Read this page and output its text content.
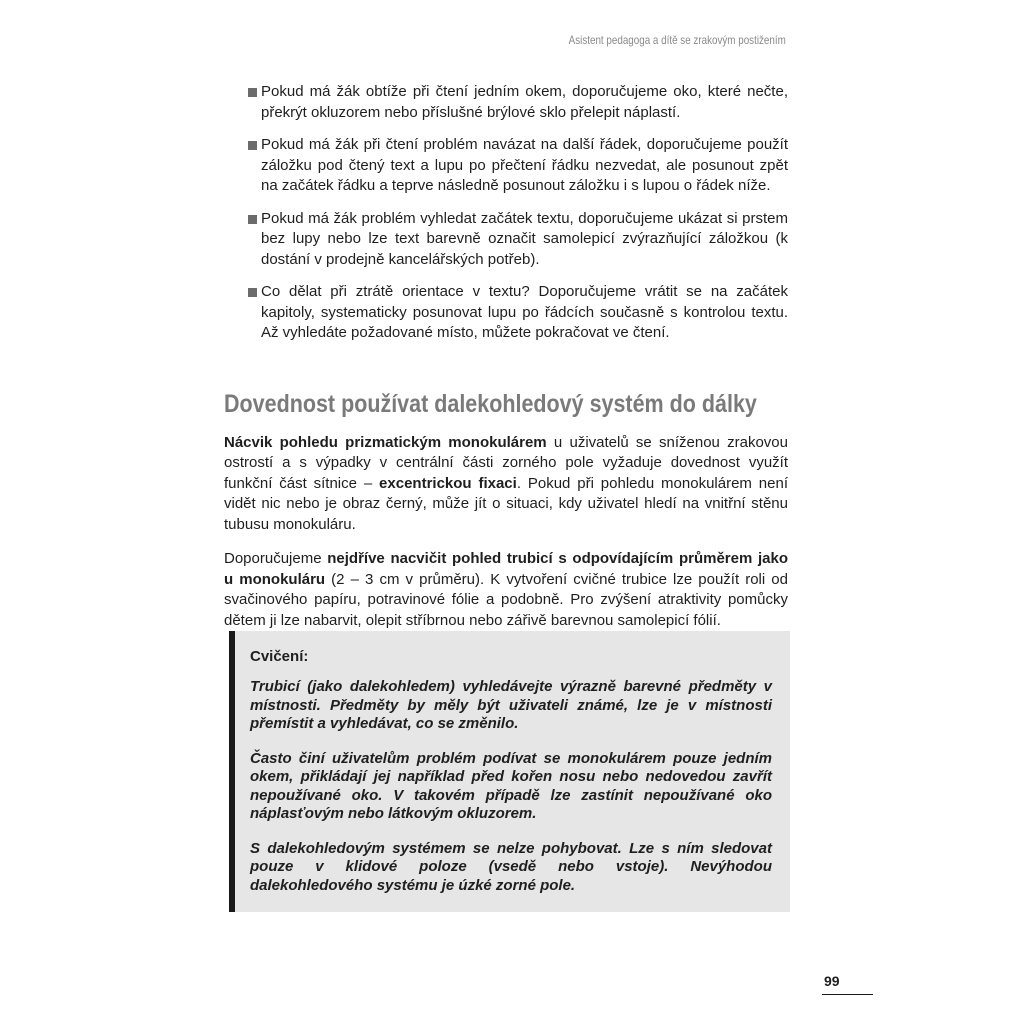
Asistent pedagoga a dítě se zrakovým postižením
Pokud má žák obtíže při čtení jedním okem, doporučujeme oko, které nečte, překrýt okluzorem nebo příslušné brýlové sklo přelepit náplastí.
Pokud má žák při čtení problém navázat na další řádek, doporučujeme použít záložku pod čtený text a lupu po přečtení řádku nezvedat, ale posunout zpět na začátek řádku a teprve následně posunout záložku i s lupou o řádek níže.
Pokud má žák problém vyhledat začátek textu, doporučujeme ukázat si prstem bez lupy nebo lze text barevně označit samolepicí zvýrazňující záložkou (k dostání v prodejně kancelářských potřeb).
Co dělat při ztrátě orientace v textu? Doporučujeme vrátit se na začátek kapitoly, systematicky posunovat lupu po řádcích současně s kontrolou textu. Až vyhledáte požadované místo, můžete pokračovat ve čtení.
Dovednost používat dalekohledový systém do dálky

Nácvik pohledu prizmatickým monokulárem u uživatelů se sníženou zrakovou ostrostí a s výpadky v centrální části zorného pole vyžaduje dovednost využít funkční část sítnice – excentrickou fixaci. Pokud při pohledu monokulárem není vidět nic nebo je obraz černý, může jít o situaci, kdy uživatel hledí na vnitřní stěnu tubusu monokuláru.

Doporučujeme nejdříve nacvičit pohled trubicí s odpovídajícím průměrem jako u monokuláru (2 – 3 cm v průměru). K vytvoření cvičné trubice lze použít roli od svačinového papíru, potravinové fólie a podobně. Pro zvýšení atraktivity pomůcky dětem ji lze nabarvit, olepit stříbrnou nebo zářivě barevnou samolepicí fólií.

Cvičení:

Trubicí (jako dalekohledem) vyhledávejte výrazně barevné předměty v místnosti. Předměty by měly být uživateli známé, lze je v místnosti přemístit a vyhledávat, co se změnilo.

Často činí uživatelům problém podívat se monokulárem pouze jedním okem, přikládají jej například před kořen nosu nebo nedovedou zavřít nepoužívané oko. V takovém případě lze zastínit nepoužívané oko náplasťovým nebo látkovým okluzorem.

S dalekohledovým systémem se nelze pohybovat. Lze s ním sledovat pouze v klidové poloze (vsedě nebo vstoje). Nevýhodou dalekohledového systému je úzké zorné pole.

99
